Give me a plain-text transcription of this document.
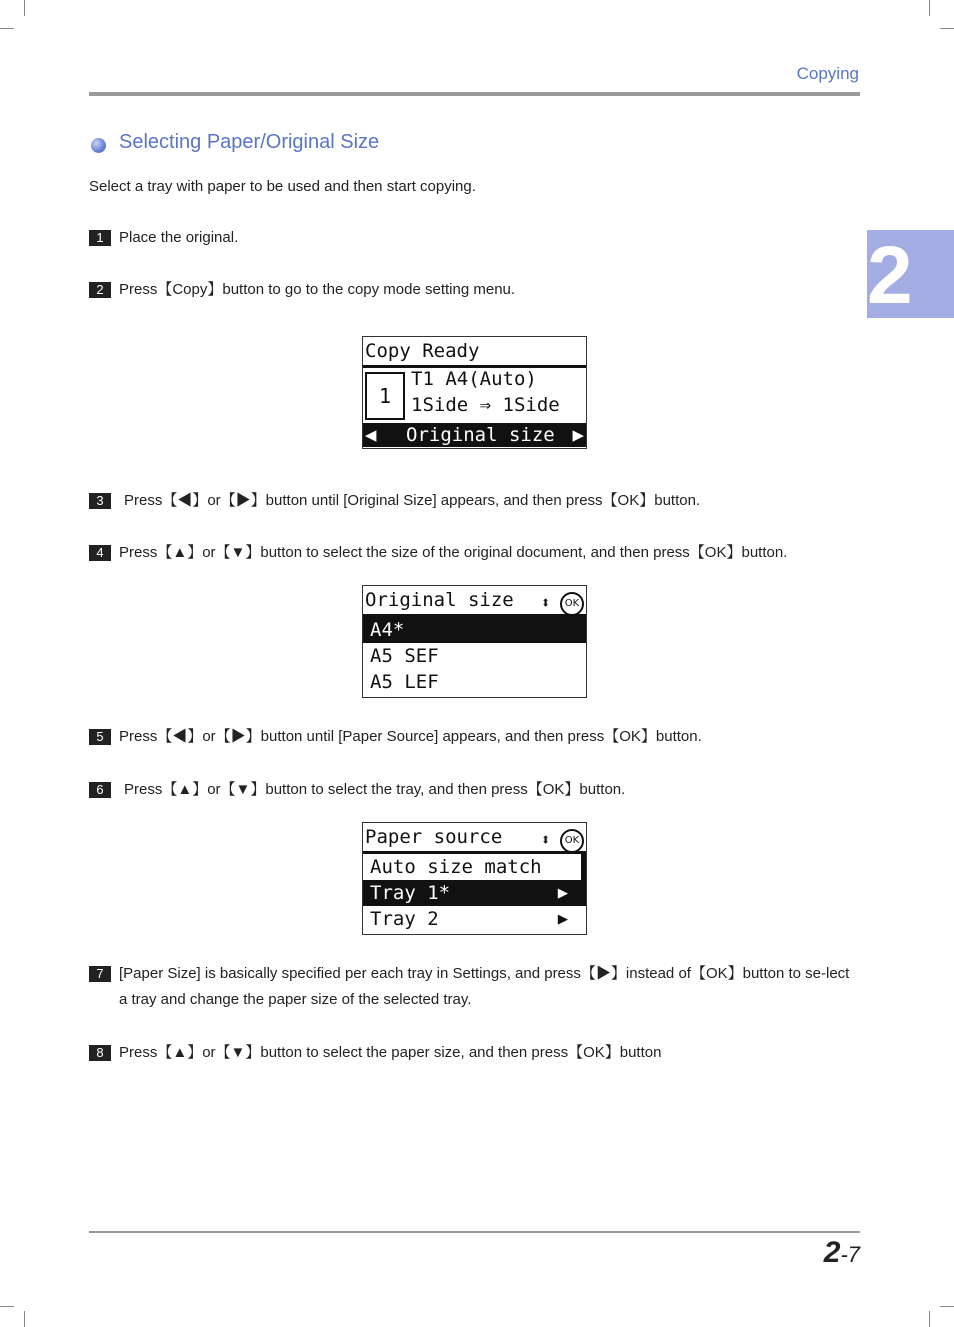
Copying
Selecting Paper/Original Size
Select a tray with paper to be used and then start copying.
2
1	Place the original.
2	Press【Copy】button to go to the copy mode setting menu.
Copy Ready
1
T1 A4(Auto)
1Side ⇒ 1Side
◀ Original size ▶
3	Press【◀】or【▶】button until [Original Size] appears, and then press【OK】button.
4	Press【▲】or【▼】button to select the size of the original document, and then press【OK】button.
Original size ⬍ OK
A4*
A5 SEF
A5 LEF
5	Press【◀】or【▶】button until [Paper Source] appears, and then press【OK】button.
6	Press【▲】or【▼】button to select the tray, and then press【OK】button.
Paper source ⬍ OK
Auto size match
Tray 1*	▶
Tray 2	▶
7	[Paper Size] is basically specified per each tray in Settings, and press【▶】instead of【OK】button to se-lect a tray and change the paper size of the selected tray.
8	Press【▲】or【▼】button to select the paper size, and then press【OK】button
2-7
